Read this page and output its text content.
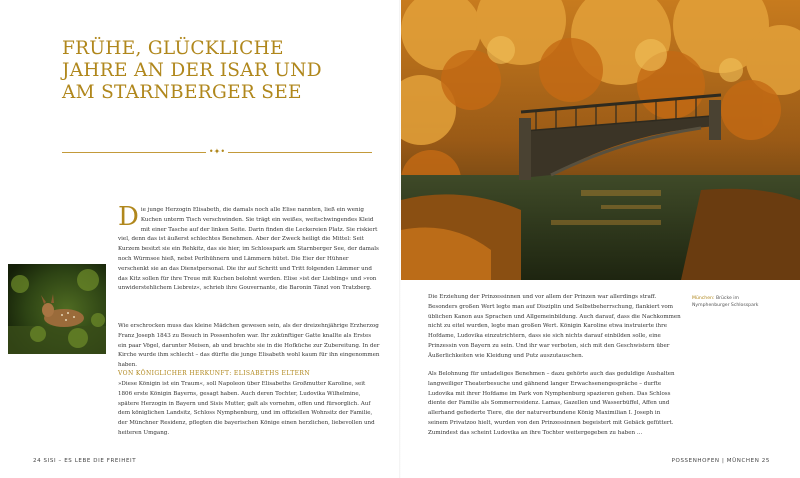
FRÜHE, GLÜCKLICHE
JAHRE AN DER ISAR UND
AM STARNBERGER SEE
•✦•

Die junge Herzogin Elisabeth, die damals noch alle Elise nannten, ließ ein wenig Kuchen unterm Tisch verschwinden. Sie trägt ein weißes, weitschwingendes Kleid mit einer Tasche auf der linken Seite. Darin finden die Leckereien Platz. Sie riskiert viel, denn das ist äußerst schlechtes Benehmen. Aber der Zweck heiligt die Mittel: Seit Kurzem besitzt sie ein Rehkitz, das sie hier, im Schlosspark am Starnberger See, der damals noch Würmsee hieß, nebst Perlhühnern und Lämmern hütet. Die Eier der Hühner verschenkt sie an das Dienstpersonal. Die ihr auf Schritt und Tritt folgenden Lämmer und das Kitz sollen für ihre Treue mit Kuchen belohnt werden. Elise »ist der Liebling« und »von unwiderstehlichem Liebreiz«, schrieb ihre Gouvernante, die Baronin Tänzl von Tratzberg.

Wie erschrocken muss das kleine Mädchen gewesen sein, als der dreizehnjährige Erzherzog Franz Joseph 1843 zu Besuch in Possenhofen war. Ihr zukünftiger Gatte knallte als Erstes ein paar Vögel, darunter Meisen, ab und brachte sie in die Hofküche zur Zubereitung. In der Kirche wurde ihm schlecht – das dürfte die junge Elisabeth wohl kaum für ihn eingenommen haben.

VON KÖNIGLICHER HERKUNFT: ELISABETHS ELTERN

»Diese Königin ist ein Traum«, soll Napoleon über Elisabeths Großmutter Karoline, seit 1806 erste Königin Bayerns, gesagt haben. Auch deren Tochter, Ludovika Wilhelmine, spätere Herzogin in Bayern und Sisis Mutter, galt als vornehm, offen und fürsorglich. Auf dem königlichen Landsitz, Schloss Nymphenburg, und im offiziellen Wohnsitz der Familie, der Münchner Residenz, pflegten die bayerischen Könige einen herzlichen, liebevollen und heiteren Umgang.

München: Brücke im Nymphenburger Schlosspark

Die Erziehung der Prinzessinnen und vor allem der Prinzen war allerdings straff. Besonders großen Wert legte man auf Disziplin und Selbstbeherrschung, flankiert vom üblichen Kanon aus Sprachen und Allgemeinbildung. Auch darauf, dass die Nachkommen nicht zu eitel wurden, legte man großen Wert. Königin Karoline etwa instruierte ihre Hofdame, Ludovika einzutrichtern, dass sie sich nichts darauf einbilden solle, eine Prinzessin von Bayern zu sein. Und ihr war verboten, sich mit den Geschwistern über Äußerlichkeiten wie Kleidung und Putz auszutauschen.

Als Belohnung für untadeliges Benehmen – dazu gehörte auch das geduldige Aushalten langweiliger Theaterbesuche und gähnend langer Erwachsenengespräche – durfte Ludovika mit ihrer Hofdame im Park von Nymphenburg spazieren gehen. Das Schloss diente der Familie als Sommerresidenz. Lamas, Gazellen und Wasserbüffel, Affen und allerhand gefiederte Tiere, die der naturverbundene König Maximilian I. Joseph in seinem Privatzoo hielt, wurden von den Prinzessinnen begeistert mit Gebäck gefüttert. Zumindest das scheint Ludovika an ihre Tochter weitergegeben zu haben …

24 SISI – ES LEBE DIE FREIHEIT	POSSENHOFEN | MÜNCHEN 25
